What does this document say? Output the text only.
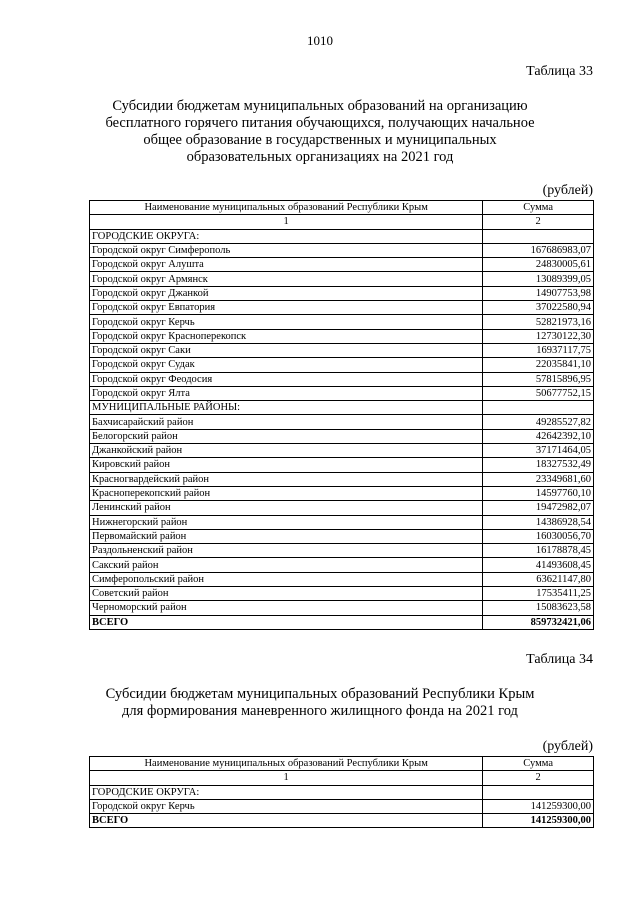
1010
Таблица 33
Субсидии бюджетам муниципальных образований на организацию
бесплатного горячего питания обучающихся, получающих начальное
общее образование в государственных и муниципальных
образовательных организациях на 2021 год
(рублей)
Наименование муниципальных образований Республики Крым	Сумма
1	2
ГОРОДСКИЕ ОКРУГА:	
Городской округ Симферополь	167686983,07
Городской округ Алушта	24830005,61
Городской округ Армянск	13089399,05
Городской округ Джанкой	14907753,98
Городской округ Евпатория	37022580,94
Городской округ Керчь	52821973,16
Городской округ Красноперекопск	12730122,30
Городской округ Саки	16937117,75
Городской округ Судак	22035841,10
Городской округ Феодосия	57815896,95
Городской округ Ялта	50677752,15
МУНИЦИПАЛЬНЫЕ РАЙОНЫ:	
Бахчисарайский район	49285527,82
Белогорский район	42642392,10
Джанкойский район	37171464,05
Кировский район	18327532,49
Красногвардейский район	23349681,60
Красноперекопский район	14597760,10
Ленинский район	19472982,07
Нижнегорский район	14386928,54
Первомайский район	16030056,70
Раздольненский район	16178878,45
Сакский район	41493608,45
Симферопольский район	63621147,80
Советский район	17535411,25
Черноморский район	15083623,58
ВСЕГО	859732421,06
Таблица 34
Субсидии бюджетам муниципальных образований Республики Крым
для формирования маневренного жилищного фонда на 2021 год
(рублей)
Наименование муниципальных образований Республики Крым	Сумма
1	2
ГОРОДСКИЕ ОКРУГА:	
Городской округ Керчь	141259300,00
ВСЕГО	141259300,00
